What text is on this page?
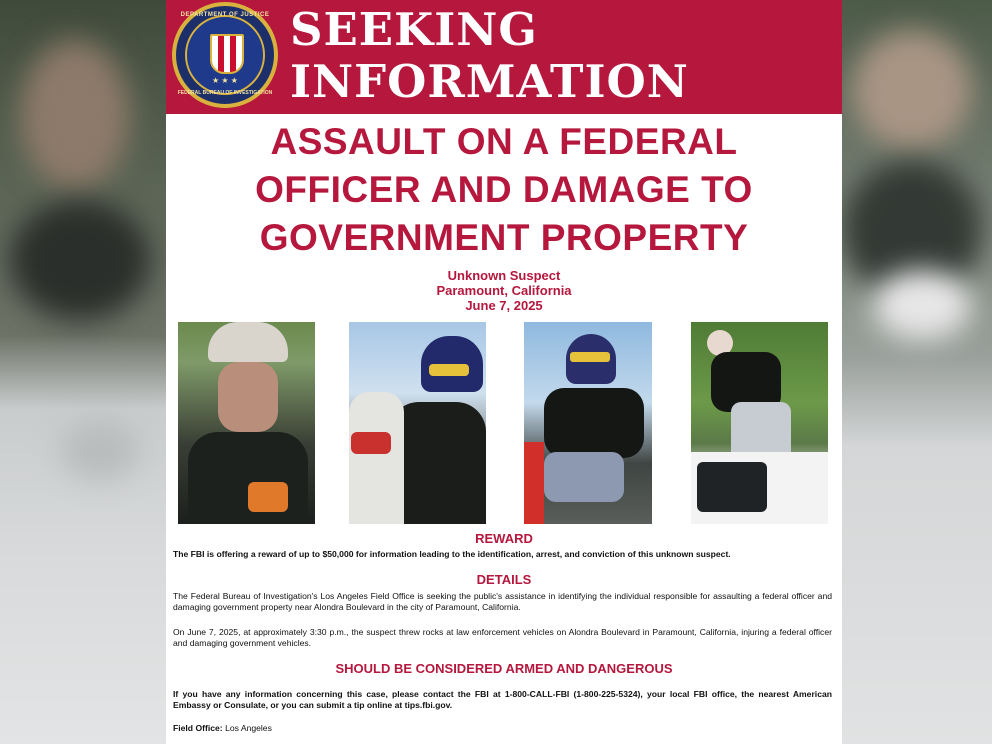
DEPARTMENT OF JUSTICE
★ ★ ★
FEDERAL BUREAU OF INVESTIGATION
SEEKING
INFORMATION
ASSAULT ON A FEDERAL
OFFICER AND DAMAGE TO
GOVERNMENT PROPERTY
Unknown Suspect
Paramount, California
June 7, 2025
REWARD
The FBI is offering a reward of up to $50,000 for information leading to the identification, arrest, and conviction of this unknown suspect.
DETAILS
The Federal Bureau of Investigation's Los Angeles Field Office is seeking the public's assistance in identifying the individual responsible for assaulting a federal officer and damaging government property near Alondra Boulevard in the city of Paramount, California.
On June 7, 2025, at approximately 3:30 p.m., the suspect threw rocks at law enforcement vehicles on Alondra Boulevard in Paramount, California, injuring a federal officer and damaging government vehicles.
SHOULD BE CONSIDERED ARMED AND DANGEROUS
If you have any information concerning this case, please contact the FBI at 1-800-CALL-FBI (1-800-225-5324), your local FBI office, the nearest American Embassy or Consulate, or you can submit a tip online at tips.fbi.gov.
Field Office: Los Angeles
